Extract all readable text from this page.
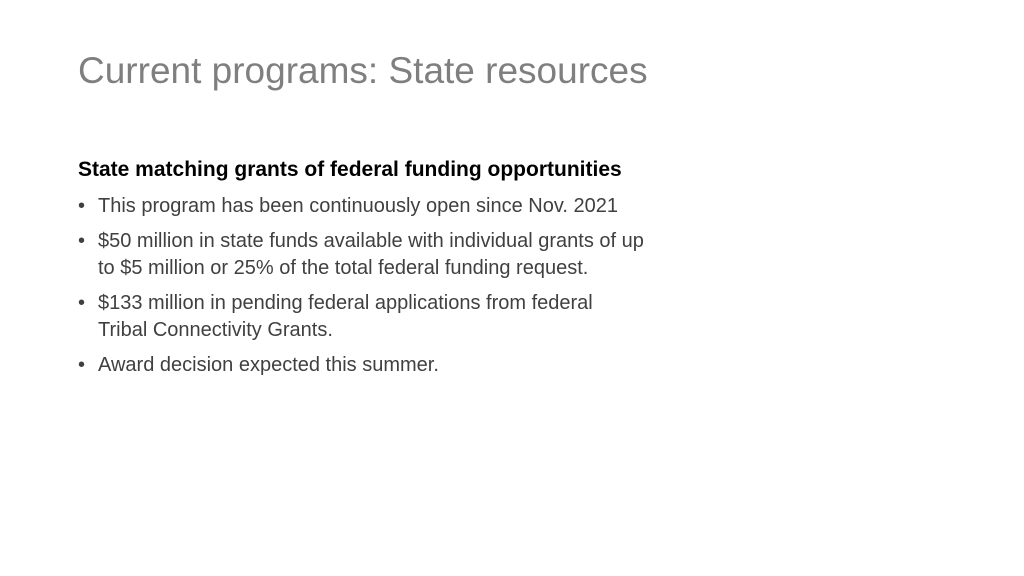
Current programs: State resources
State matching grants of federal funding opportunities
• This program has been continuously open since Nov. 2021
• $50 million in state funds available with individual grants of up
to $5 million or 25% of the total federal funding request.
• $133 million in pending federal applications from federal
Tribal Connectivity Grants.
• Award decision expected this summer.
